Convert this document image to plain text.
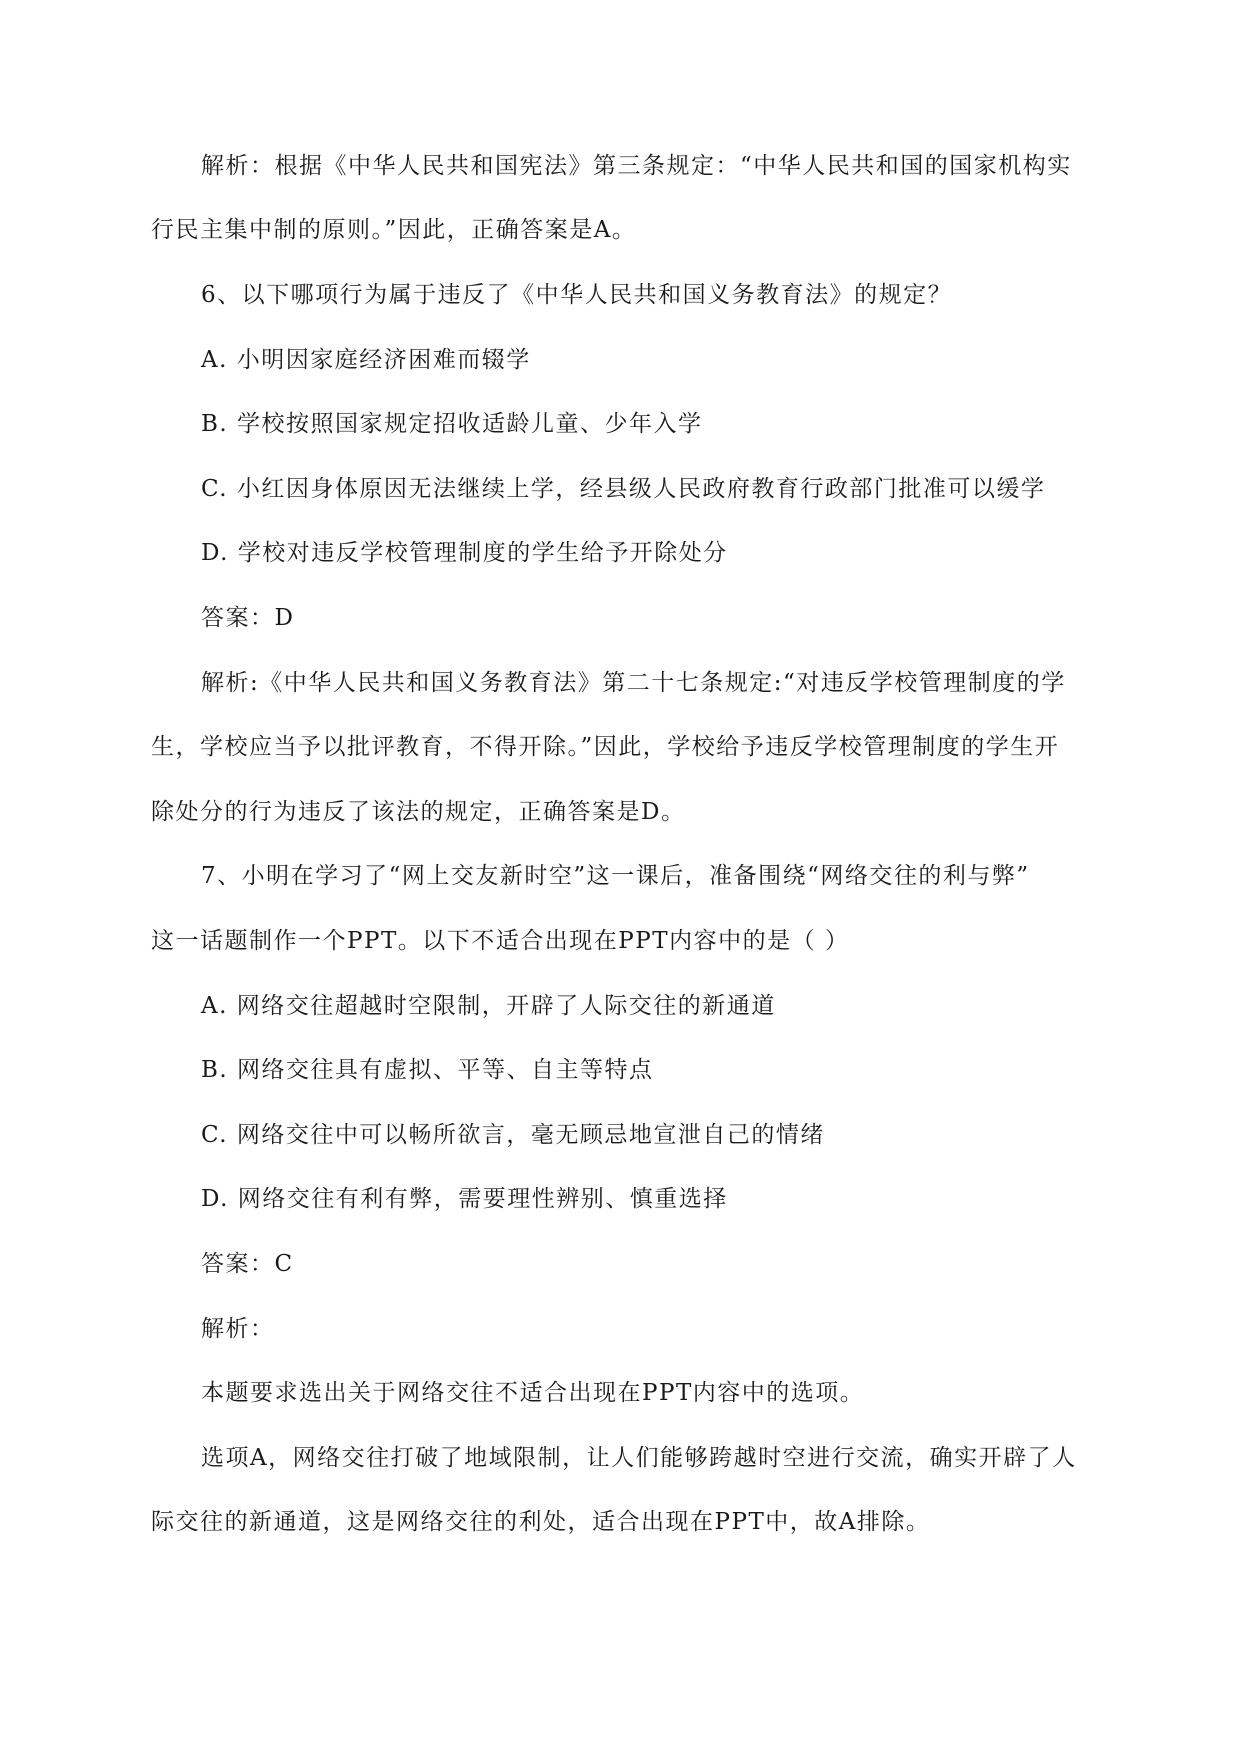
解析：根据《中华人民共和国宪法》第三条规定：“中华人民共和国的国家机构实
行民主集中制的原则。”因此，正确答案是A。
6、以下哪项行为属于违反了《中华人民共和国义务教育法》的规定？
A. 小明因家庭经济困难而辍学
B. 学校按照国家规定招收适龄儿童、少年入学
C. 小红因身体原因无法继续上学，经县级人民政府教育行政部门批准可以缓学
D. 学校对违反学校管理制度的学生给予开除处分
答案：D
解析:《中华人民共和国义务教育法》第二十七条规定:“对违反学校管理制度的学
生，学校应当予以批评教育，不得开除。”因此，学校给予违反学校管理制度的学生开
除处分的行为违反了该法的规定，正确答案是D。
7、小明在学习了“网上交友新时空”这一课后，准备围绕“网络交往的利与弊”
这一话题制作一个PPT。以下不适合出现在PPT内容中的是（ ）
A. 网络交往超越时空限制，开辟了人际交往的新通道
B. 网络交往具有虚拟、平等、自主等特点
C. 网络交往中可以畅所欲言，毫无顾忌地宣泄自己的情绪
D. 网络交往有利有弊，需要理性辨别、慎重选择
答案：C
解析：
本题要求选出关于网络交往不适合出现在PPT内容中的选项。
选项A，网络交往打破了地域限制，让人们能够跨越时空进行交流，确实开辟了人
际交往的新通道，这是网络交往的利处，适合出现在PPT中，故A排除。
